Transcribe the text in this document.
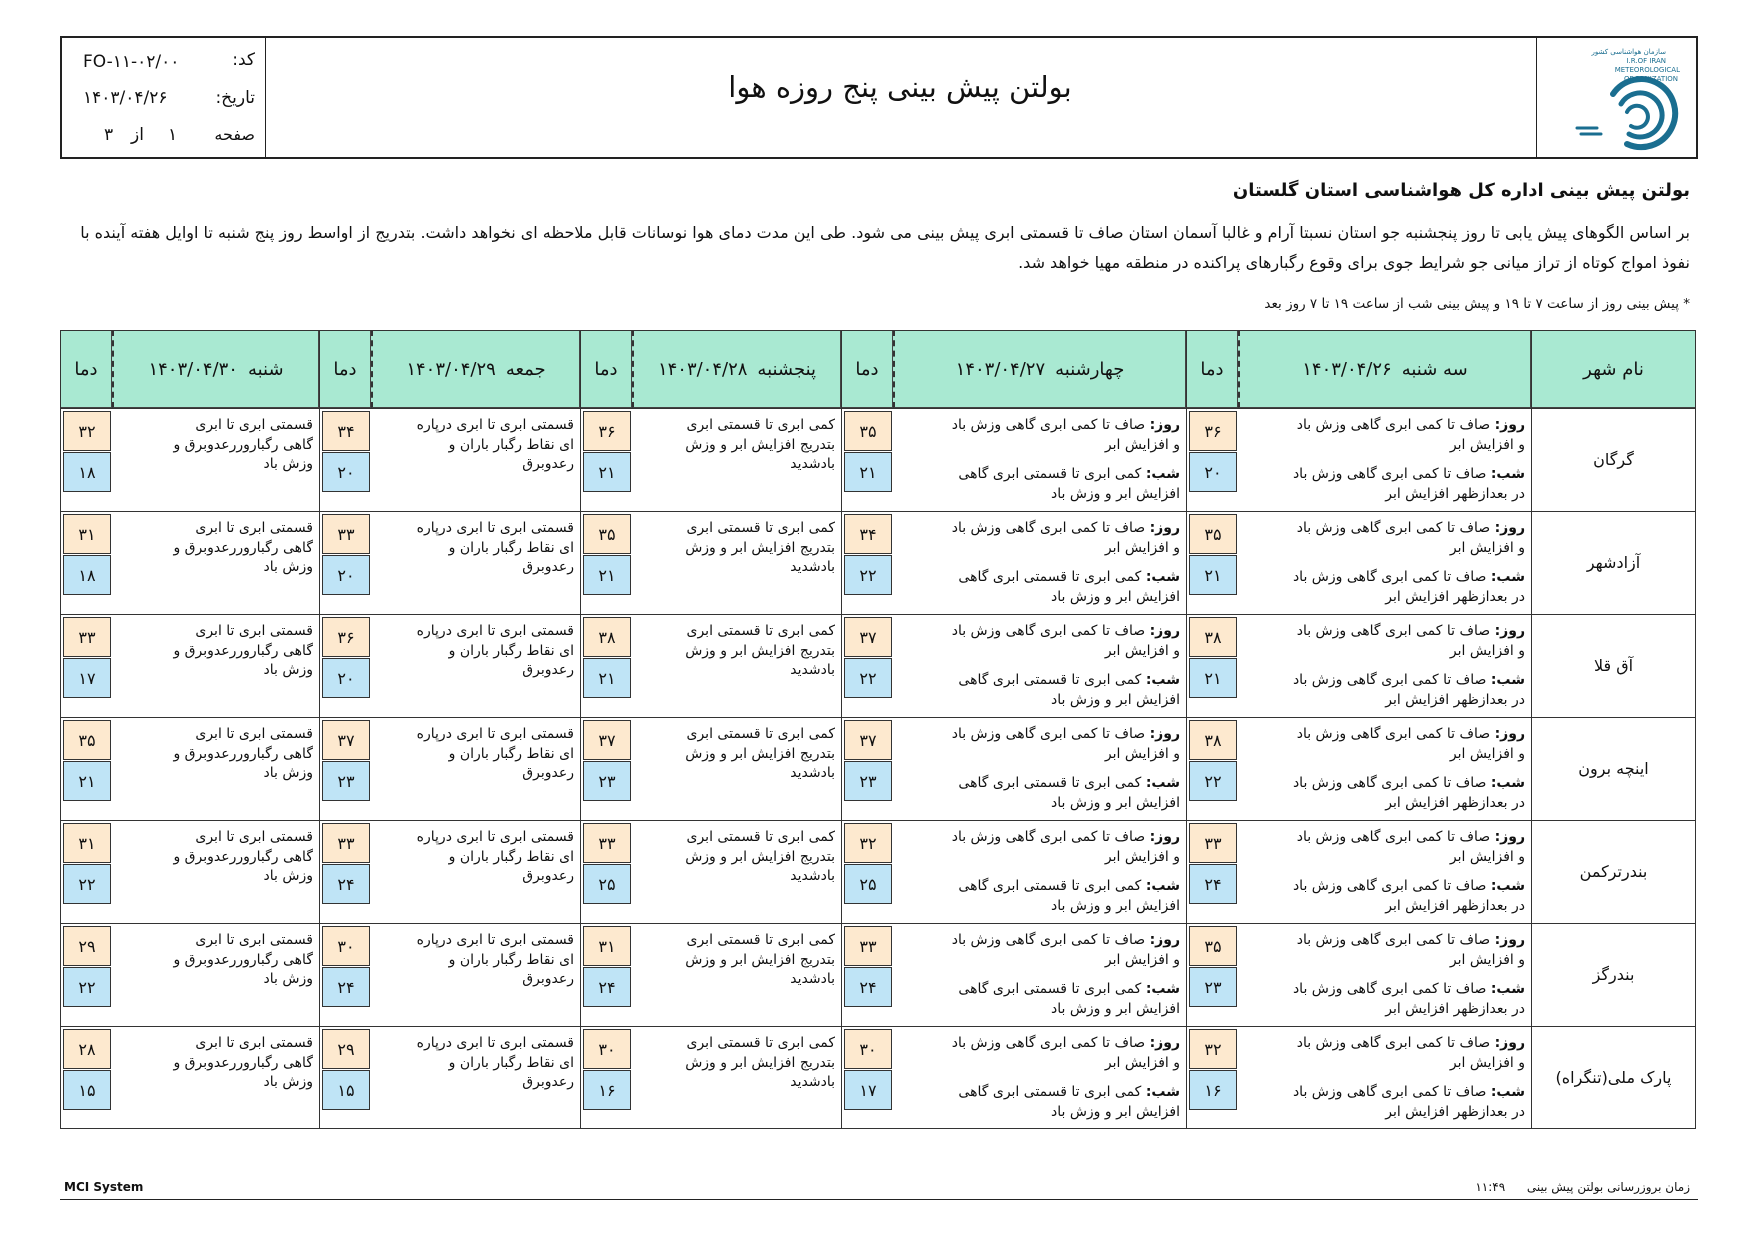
بولتن پیش بینی پنج روزه هوا
کد:
FO-۱۱-۰۲/۰۰
تاریخ:
۱۴۰۳/۰۴/۲۶
صفحه
۱
از
۳
سازمان هواشناسی کشور
I.R.OF IRAN
METEOROLOGICAL
ORGANIZATION
بولتن پیش بینی اداره کل هواشناسی استان گلستان
بر اساس الگوهای پیش یابی تا روز پنجشنبه جو استان نسبتا آرام و غالبا آسمان استان صاف تا قسمتی ابری پیش بینی می شود. طی این مدت دمای هوا نوسانات قابل ملاحظه ای نخواهد داشت. بتدریج از اواسط روز پنج شنبه تا اوایل هفته آینده با نفوذ امواج کوتاه از تراز میانی جو شرایط جوی برای وقوع رگبارهای پراکنده در منطقه مهیا خواهد شد.
* پیش بینی روز از ساعت ۷ تا ۱۹ و پیش بینی شب از ساعت ۱۹ تا ۷ روز بعد
نام شهر
سه شنبه
۱۴۰۳/۰۴/۲۶
دما
چهارشنبه
۱۴۰۳/۰۴/۲۷
دما
پنجشنبه
۱۴۰۳/۰۴/۲۸
دما
جمعه
۱۴۰۳/۰۴/۲۹
دما
شنبه
۱۴۰۳/۰۴/۳۰
دما
گرگان
روز: صاف تا کمی ابری گاهی وزش باد
و افزایش ابر
شب: صاف تا کمی ابری گاهی وزش باد
در بعدازظهر افزایش ابر
۳۶
۲۰
روز: صاف تا کمی ابری گاهی وزش باد
و افزایش ابر
شب: کمی ابری تا قسمتی ابری گاهی
افزایش ابر و وزش باد
۳۵
۲۱
کمی ابری تا قسمتی ابری
بتدریج افزایش ابر و وزش
بادشدید
۳۶
۲۱
قسمتی ابری تا ابری درپاره
ای نقاط رگبار باران و
رعدوبرق
۳۴
۲۰
قسمتی ابری تا ابری
گاهی رگباروررعدوبرق و
وزش باد
۳۲
۱۸
آزادشهر
روز: صاف تا کمی ابری گاهی وزش باد
و افزایش ابر
شب: صاف تا کمی ابری گاهی وزش باد
در بعدازظهر افزایش ابر
۳۵
۲۱
روز: صاف تا کمی ابری گاهی وزش باد
و افزایش ابر
شب: کمی ابری تا قسمتی ابری گاهی
افزایش ابر و وزش باد
۳۴
۲۲
کمی ابری تا قسمتی ابری
بتدریج افزایش ابر و وزش
بادشدید
۳۵
۲۱
قسمتی ابری تا ابری درپاره
ای نقاط رگبار باران و
رعدوبرق
۳۳
۲۰
قسمتی ابری تا ابری
گاهی رگباروررعدوبرق و
وزش باد
۳۱
۱۸
آق قلا
روز: صاف تا کمی ابری گاهی وزش باد
و افزایش ابر
شب: صاف تا کمی ابری گاهی وزش باد
در بعدازظهر افزایش ابر
۳۸
۲۱
روز: صاف تا کمی ابری گاهی وزش باد
و افزایش ابر
شب: کمی ابری تا قسمتی ابری گاهی
افزایش ابر و وزش باد
۳۷
۲۲
کمی ابری تا قسمتی ابری
بتدریج افزایش ابر و وزش
بادشدید
۳۸
۲۱
قسمتی ابری تا ابری درپاره
ای نقاط رگبار باران و
رعدوبرق
۳۶
۲۰
قسمتی ابری تا ابری
گاهی رگباروررعدوبرق و
وزش باد
۳۳
۱۷
اینچه برون
روز: صاف تا کمی ابری گاهی وزش باد
و افزایش ابر
شب: صاف تا کمی ابری گاهی وزش باد
در بعدازظهر افزایش ابر
۳۸
۲۲
روز: صاف تا کمی ابری گاهی وزش باد
و افزایش ابر
شب: کمی ابری تا قسمتی ابری گاهی
افزایش ابر و وزش باد
۳۷
۲۳
کمی ابری تا قسمتی ابری
بتدریج افزایش ابر و وزش
بادشدید
۳۷
۲۳
قسمتی ابری تا ابری درپاره
ای نقاط رگبار باران و
رعدوبرق
۳۷
۲۳
قسمتی ابری تا ابری
گاهی رگباروررعدوبرق و
وزش باد
۳۵
۲۱
بندرترکمن
روز: صاف تا کمی ابری گاهی وزش باد
و افزایش ابر
شب: صاف تا کمی ابری گاهی وزش باد
در بعدازظهر افزایش ابر
۳۳
۲۴
روز: صاف تا کمی ابری گاهی وزش باد
و افزایش ابر
شب: کمی ابری تا قسمتی ابری گاهی
افزایش ابر و وزش باد
۳۲
۲۵
کمی ابری تا قسمتی ابری
بتدریج افزایش ابر و وزش
بادشدید
۳۳
۲۵
قسمتی ابری تا ابری درپاره
ای نقاط رگبار باران و
رعدوبرق
۳۳
۲۴
قسمتی ابری تا ابری
گاهی رگباروررعدوبرق و
وزش باد
۳۱
۲۲
بندرگز
روز: صاف تا کمی ابری گاهی وزش باد
و افزایش ابر
شب: صاف تا کمی ابری گاهی وزش باد
در بعدازظهر افزایش ابر
۳۵
۲۳
روز: صاف تا کمی ابری گاهی وزش باد
و افزایش ابر
شب: کمی ابری تا قسمتی ابری گاهی
افزایش ابر و وزش باد
۳۳
۲۴
کمی ابری تا قسمتی ابری
بتدریج افزایش ابر و وزش
بادشدید
۳۱
۲۴
قسمتی ابری تا ابری درپاره
ای نقاط رگبار باران و
رعدوبرق
۳۰
۲۴
قسمتی ابری تا ابری
گاهی رگباروررعدوبرق و
وزش باد
۲۹
۲۲
پارک ملی(تنگراه)
روز: صاف تا کمی ابری گاهی وزش باد
و افزایش ابر
شب: صاف تا کمی ابری گاهی وزش باد
در بعدازظهر افزایش ابر
۳۲
۱۶
روز: صاف تا کمی ابری گاهی وزش باد
و افزایش ابر
شب: کمی ابری تا قسمتی ابری گاهی
افزایش ابر و وزش باد
۳۰
۱۷
کمی ابری تا قسمتی ابری
بتدریج افزایش ابر و وزش
بادشدید
۳۰
۱۶
قسمتی ابری تا ابری درپاره
ای نقاط رگبار باران و
رعدوبرق
۲۹
۱۵
قسمتی ابری تا ابری
گاهی رگباروررعدوبرق و
وزش باد
۲۸
۱۵
MCI System	زمان بروزرسانی بولتن پیش بینی  ۱۱:۴۹
